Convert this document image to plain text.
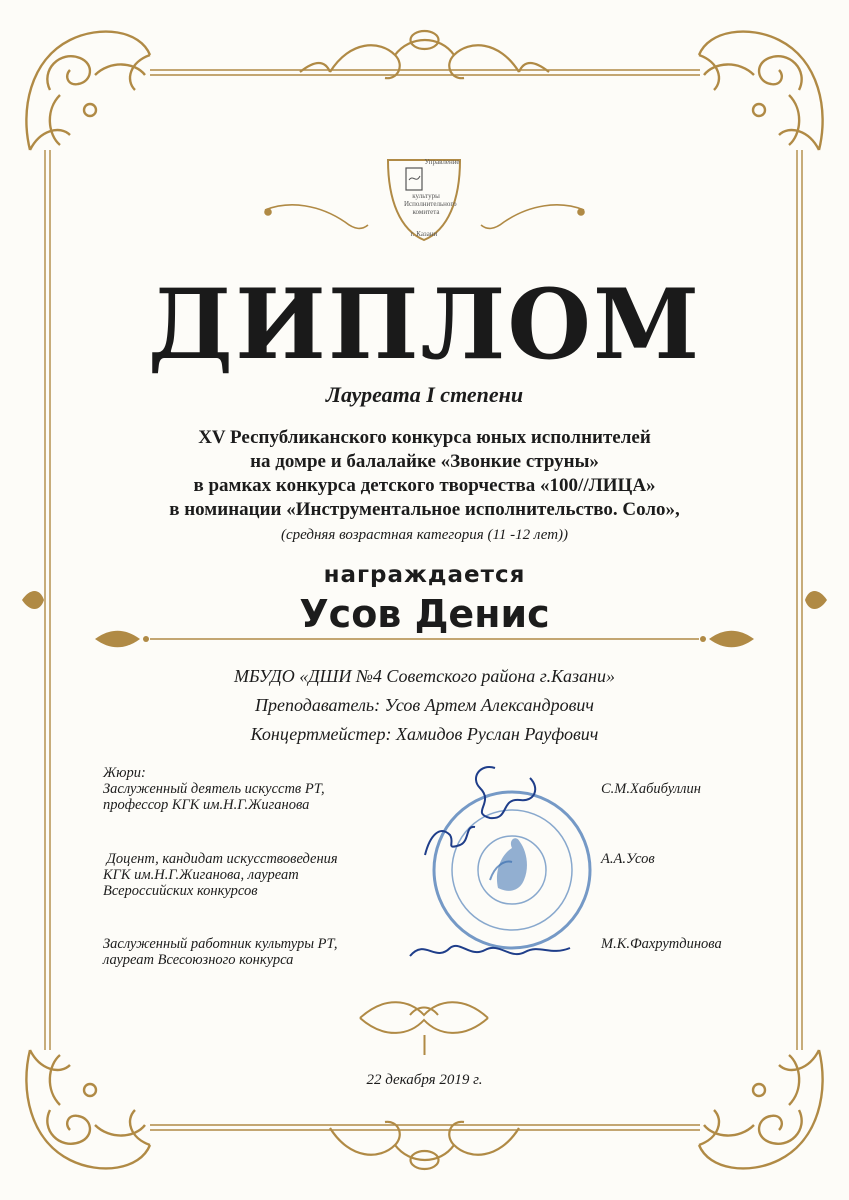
Управление
культуры Исполнительного комитета
г. Казани
ДИПЛОМ
Лауреата I степени
XV Республиканского конкурса юных исполнителей
на домре и балалайке «Звонкие струны»
в рамках конкурса детского творчества «100//ЛИЦА»
в номинации «Инструментальное исполнительство. Соло»,
(средняя возрастная категория (11 -12 лет))
награждается
Усов Денис
МБУДО «ДШИ №4 Советского района г.Казани»
Преподаватель: Усов Артем Александрович
Концертмейстер: Хамидов Руслан Рауфович
Жюри:
Заслуженный деятель искусств РТ,
профессор КГК им.Н.Г.Жиганова
С.М.Хабибуллин
Доцент, кандидат искусствоведения
КГК им.Н.Г.Жиганова, лауреат
Всероссийских конкурсов
А.А.Усов
Заслуженный работник культуры РТ,
лауреат Всесоюзного конкурса
М.К.Фахрутдинова
22 декабря 2019 г.
